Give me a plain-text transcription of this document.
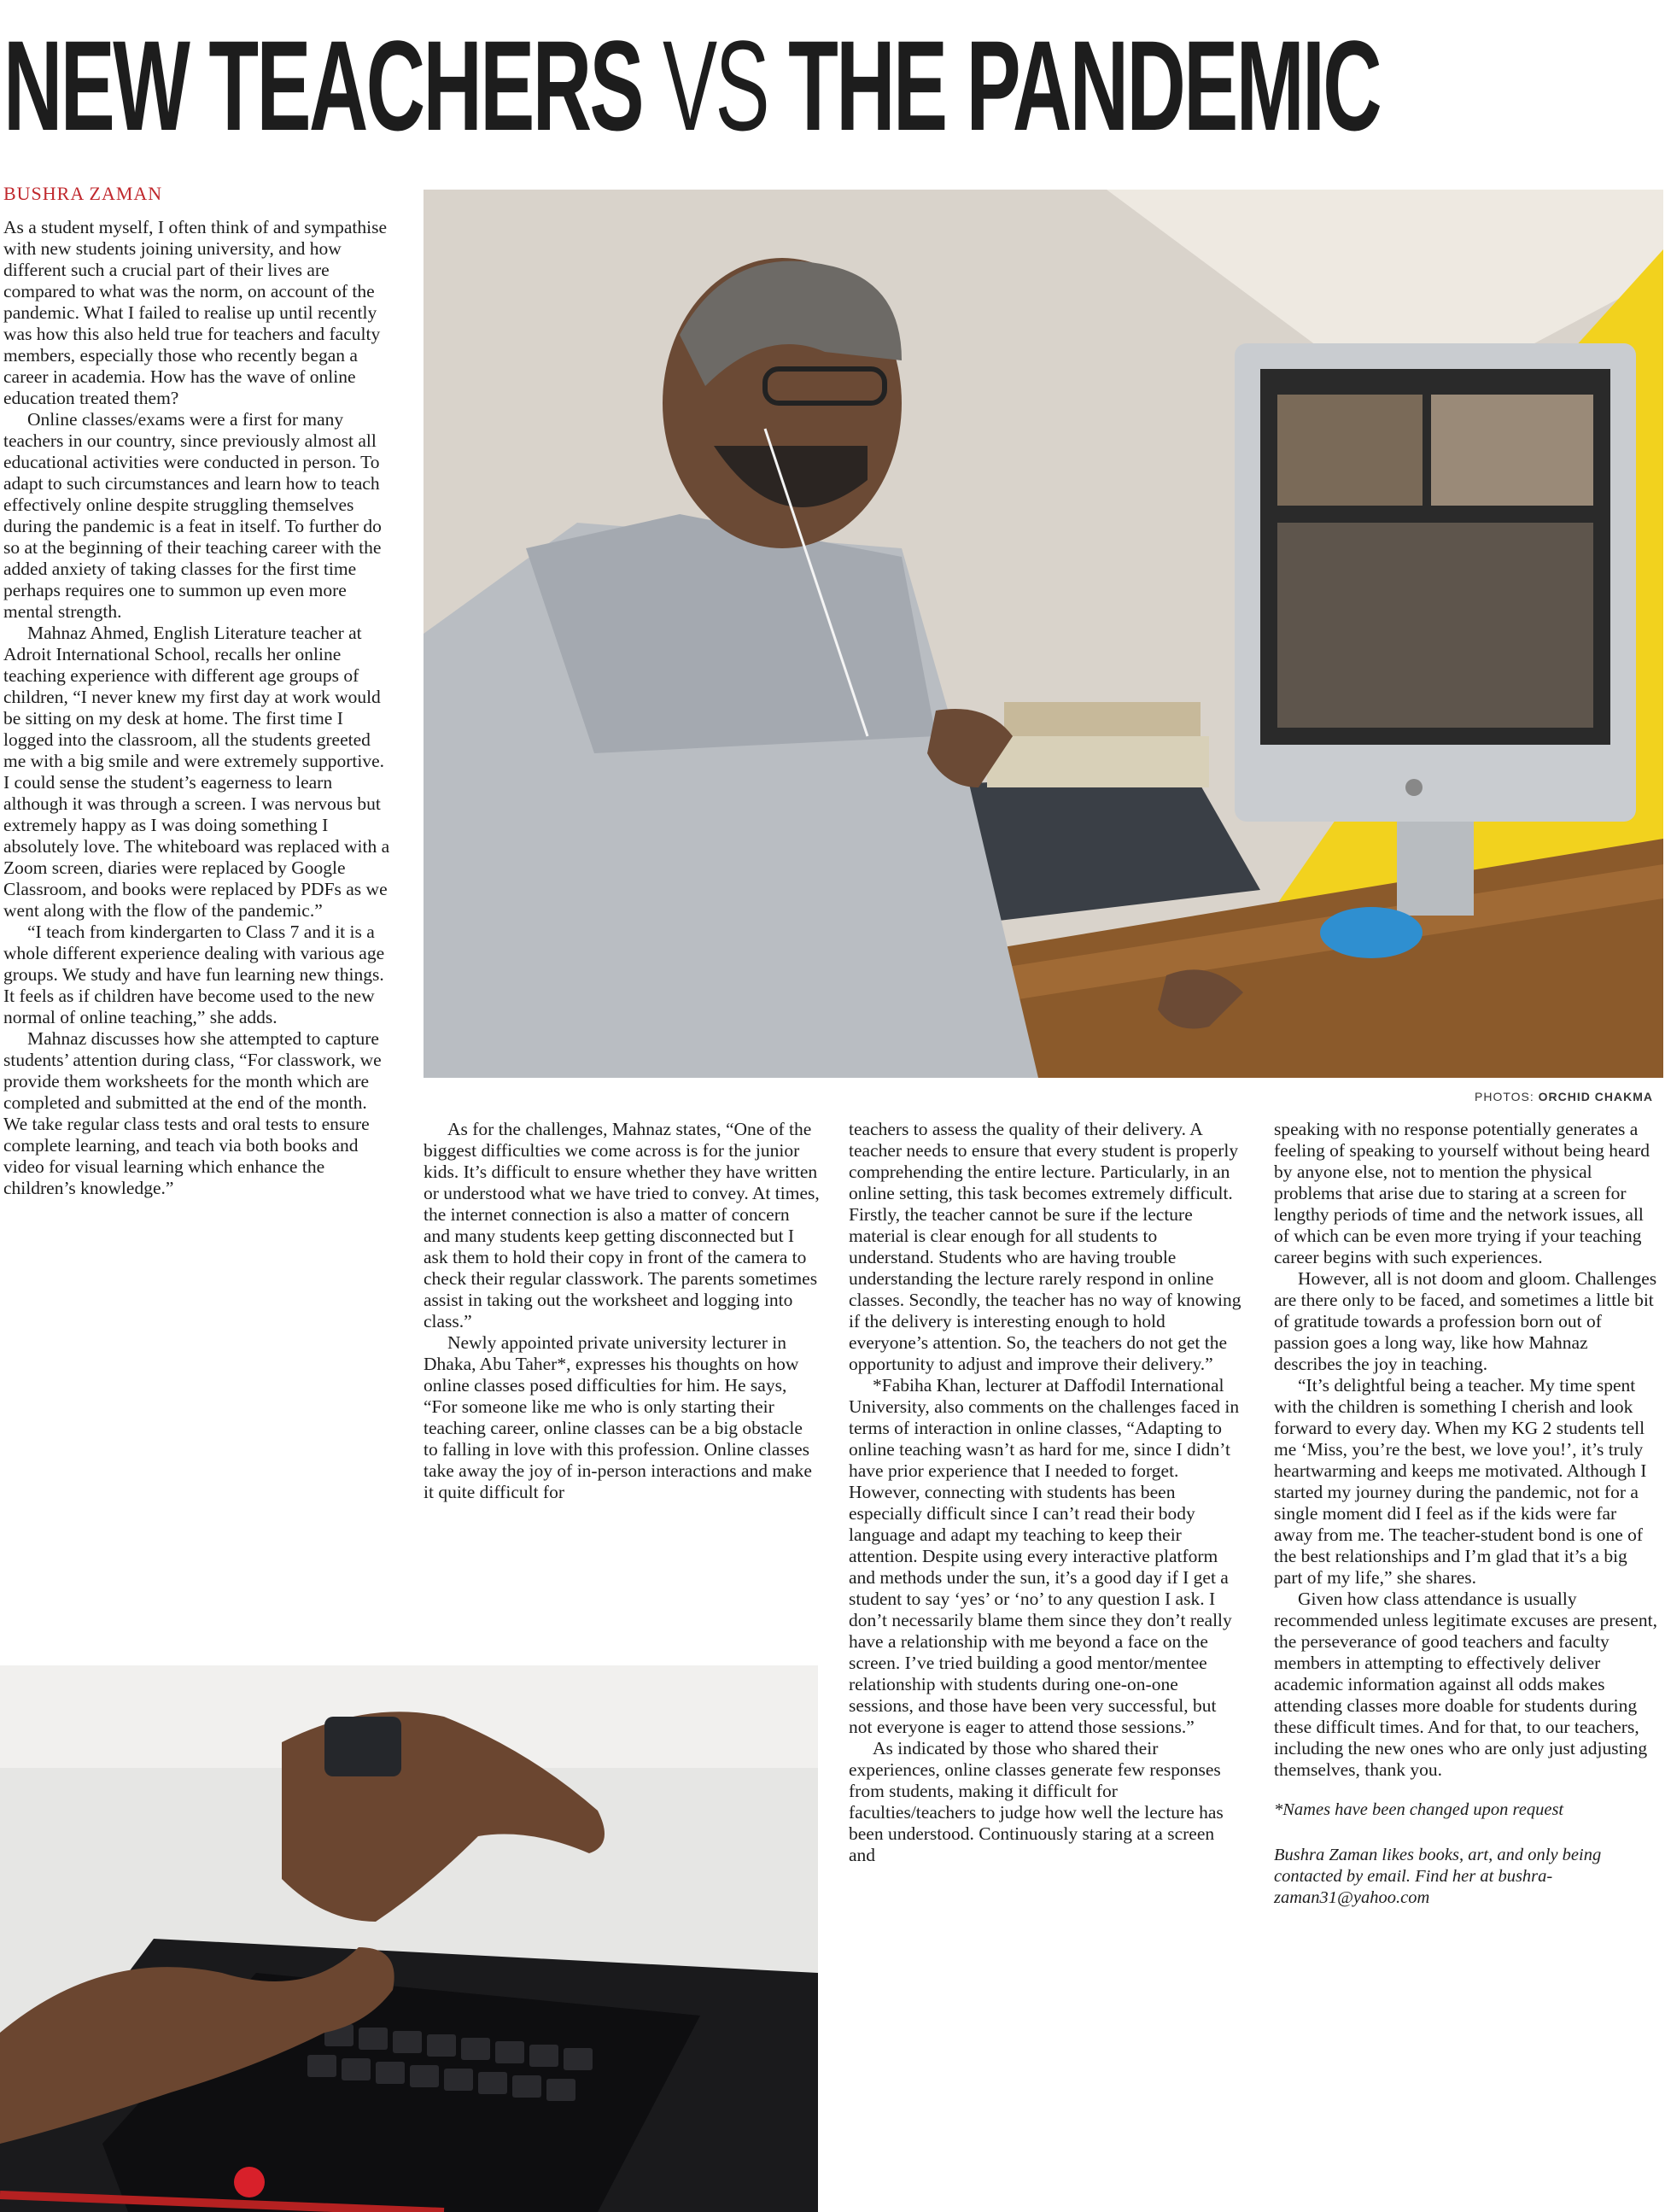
NEW TEACHERS VS THE PANDEMIC
BUSHRA ZAMAN
PHOTOS: ORCHID CHAKMA

As a student myself, I often think of and sympathise with new students joining university, and how different such a crucial part of their lives are compared to what was the norm, on account of the pandemic. What I failed to realise up until recently was how this also held true for teachers and faculty members, especially those who recently began a career in academia. How has the wave of online education treated them?

Online classes/exams were a first for many teachers in our country, since previously almost all educational activities were conducted in person. To adapt to such circumstances and learn how to teach effectively online despite struggling themselves during the pandemic is a feat in itself. To further do so at the beginning of their teaching career with the added anxiety of taking classes for the first time perhaps requires one to summon up even more mental strength.

Mahnaz Ahmed, English Literature teacher at Adroit International School, recalls her online teaching experience with different age groups of children, “I never knew my first day at work would be sitting on my desk at home. The first time I logged into the classroom, all the students greeted me with a big smile and were extremely supportive. I could sense the student’s eagerness to learn although it was through a screen. I was nervous but extremely happy as I was doing something I absolutely love. The whiteboard was replaced with a Zoom screen, diaries were replaced by Google Classroom, and books were replaced by PDFs as we went along with the flow of the pandemic.”

“I teach from kindergarten to Class 7 and it is a whole different experience dealing with various age groups. We study and have fun learning new things. It feels as if children have become used to the new normal of online teaching,” she adds.

Mahnaz discusses how she attempted to capture students’ attention during class, “For classwork, we provide them worksheets for the month which are completed and submitted at the end of the month. We take regular class tests and oral tests to ensure complete learning, and teach via both books and video for visual learning which enhance the children’s knowledge.”

As for the challenges, Mahnaz states, “One of the biggest difficulties we come across is for the junior kids. It’s difficult to ensure whether they have written or understood what we have tried to convey. At times, the internet connection is also a matter of concern and many students keep getting disconnected but I ask them to hold their copy in front of the camera to check their regular classwork. The parents sometimes assist in taking out the worksheet and logging into class.”

Newly appointed private university lecturer in Dhaka, Abu Taher*, expresses his thoughts on how online classes posed difficulties for him. He says, “For someone like me who is only starting their teaching career, online classes can be a big obstacle to falling in love with this profession. Online classes take away the joy of in-person interactions and make it quite difficult for

teachers to assess the quality of their delivery. A teacher needs to ensure that every student is properly comprehending the entire lecture. Particularly, in an online setting, this task becomes extremely difficult. Firstly, the teacher cannot be sure if the lecture material is clear enough for all students to understand. Students who are having trouble understanding the lecture rarely respond in online classes. Secondly, the teacher has no way of knowing if the delivery is interesting enough to hold everyone’s attention. So, the teachers do not get the opportunity to adjust and improve their delivery.”

*Fabiha Khan, lecturer at Daffodil International University, also comments on the challenges faced in terms of interaction in online classes, “Adapting to online teaching wasn’t as hard for me, since I didn’t have prior experience that I needed to forget. However, connecting with students has been especially difficult since I can’t read their body language and adapt my teaching to keep their attention. Despite using every interactive platform and methods under the sun, it’s a good day if I get a student to say ‘yes’ or ‘no’ to any question I ask. I don’t necessarily blame them since they don’t really have a relationship with me beyond a face on the screen. I’ve tried building a good mentor/mentee relationship with students during one-on-one sessions, and those have been very successful, but not everyone is eager to attend those sessions.”

As indicated by those who shared their experiences, online classes generate few responses from students, making it difficult for faculties/teachers to judge how well the lecture has been understood. Continuously staring at a screen and

speaking with no response potentially generates a feeling of speaking to yourself without being heard by anyone else, not to mention the physical problems that arise due to staring at a screen for lengthy periods of time and the network issues, all of which can be even more trying if your teaching career begins with such experiences.

However, all is not doom and gloom. Challenges are there only to be faced, and sometimes a little bit of gratitude towards a profession born out of passion goes a long way, like how Mahnaz describes the joy in teaching.

“It’s delightful being a teacher. My time spent with the children is something I cherish and look forward to every day. When my KG 2 students tell me ‘Miss, you’re the best, we love you!’, it’s truly heartwarming and keeps me motivated. Although I started my journey during the pandemic, not for a single moment did I feel as if the kids were far away from me. The teacher-student bond is one of the best relationships and I’m glad that it’s a big part of my life,” she shares.

Given how class attendance is usually recommended unless legitimate excuses are present, the perseverance of good teachers and faculty members in attempting to effectively deliver academic information against all odds makes attending classes more doable for students during these difficult times. And for that, to our teachers, including the new ones who are only just adjusting themselves, thank you.

*Names have been changed upon request

Bushra Zaman likes books, art, and only being contacted by email. Find her at bushra-zaman31@yahoo.com
